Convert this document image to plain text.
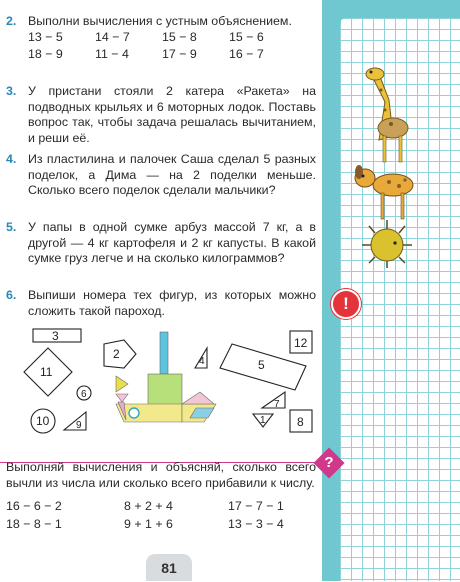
2. Выполни вычисления с устным объяснением.
13 − 5	14 − 7	15 − 8	15 − 6
18 − 9	11 − 4	17 − 9	16 − 7
3. У пристани стояли 2 катера «Ракета» на подводных крыльях и 6 моторных лодок. Поставь вопрос так, чтобы задача решалась вычитанием, и реши её.
4. Из пластилина и палочек Саша сделал 5 разных поделок, а Дима — на 2 поделки меньше. Сколько всего поделок сделали мальчики?
5. У папы в одной сумке арбуз массой 7 кг, а в другой — 4 кг картофеля и 2 кг капусты. В какой сумке груз легче и на сколько килограммов?
6. Выпиши номера тех фигур, из которых можно сложить такой пароход.	!
3
2
4
12
5
11
6
7
10	9	1	8
?
Выполняй вычисления и объясняй, сколько всего вычли из числа или сколько всего прибавили к числу.
16 − 6 − 2	8 + 2 + 4	17 − 7 − 1
18 − 8 − 1	9 + 1 + 6	13 − 3 − 4
81
